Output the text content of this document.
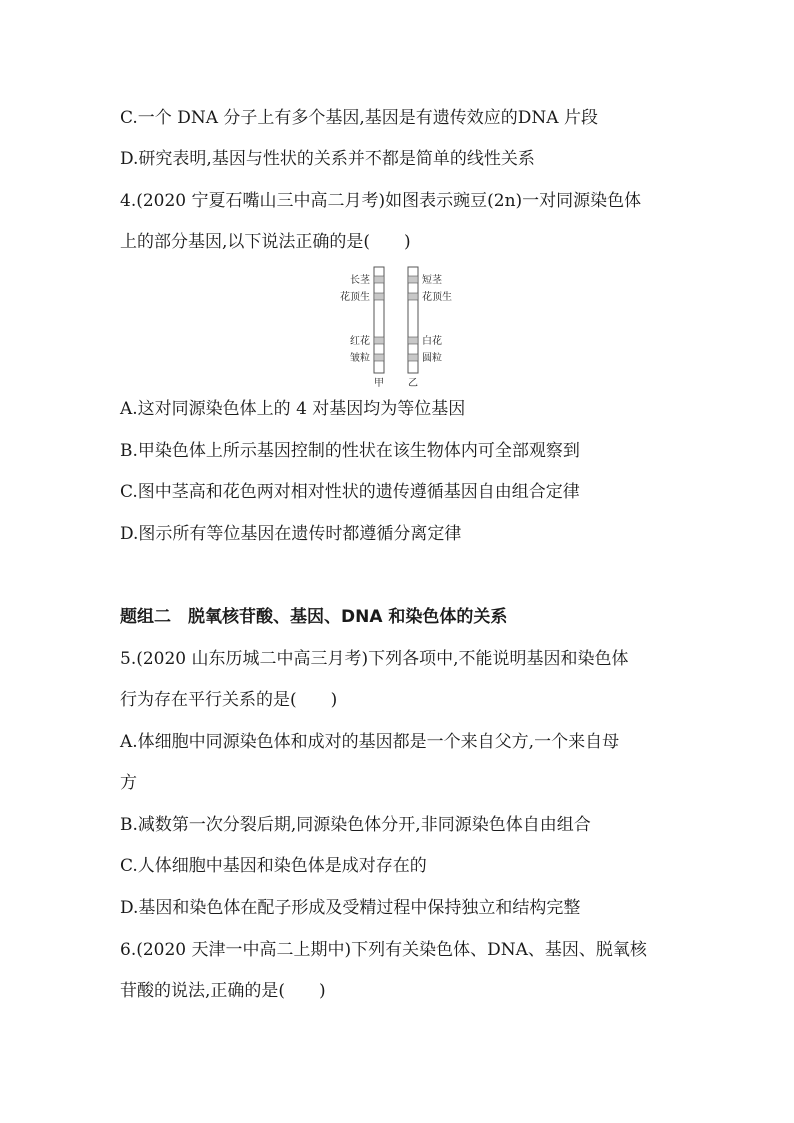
C.一个 DNA 分子上有多个基因,基因是有遗传效应的DNA 片段
D.研究表明,基因与性状的关系并不都是简单的线性关系
4.(2020 宁夏石嘴山三中高二月考)如图表示豌豆(2n)一对同源染色体
上的部分基因,以下说法正确的是(　　)
长茎
花顶生
红花
皱粒
短茎
花顶生
白花
圆粒
甲 乙
A.这对同源染色体上的 4 对基因均为等位基因
B.甲染色体上所示基因控制的性状在该生物体内可全部观察到
C.图中茎高和花色两对相对性状的遗传遵循基因自由组合定律
D.图示所有等位基因在遗传时都遵循分离定律
题组二　脱氧核苷酸、基因、DNA 和染色体的关系
5.(2020 山东历城二中高三月考)下列各项中,不能说明基因和染色体
行为存在平行关系的是(　　)
A.体细胞中同源染色体和成对的基因都是一个来自父方,一个来自母
方
B.减数第一次分裂后期,同源染色体分开,非同源染色体自由组合
C.人体细胞中基因和染色体是成对存在的
D.基因和染色体在配子形成及受精过程中保持独立和结构完整
6.(2020 天津一中高二上期中)下列有关染色体、DNA、基因、脱氧核
苷酸的说法,正确的是(　　)
